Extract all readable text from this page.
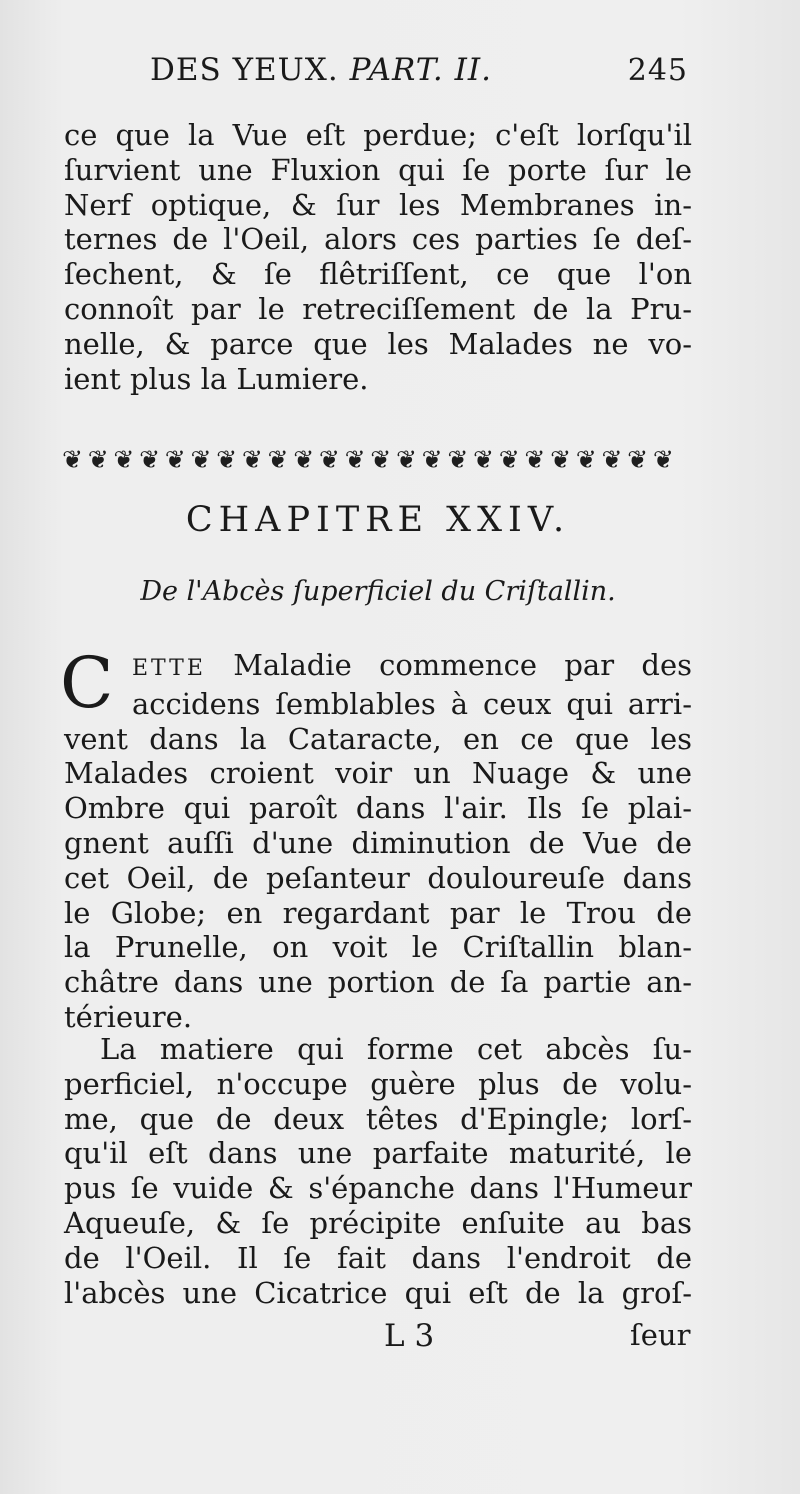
DES YEUX. PART. II.	245
ce que la Vue eſt perdue; c'eſt lorſqu'il
ſurvient une Fluxion qui ſe porte ſur le
Nerf optique, & ſur les Membranes in-
ternes de l'Oeil, alors ces parties ſe deſ-
ſechent, & ſe flêtriſſent, ce que l'on
connoît par le retreciſſement de la Pru-
nelle, & parce que les Malades ne vo-
ient plus la Lumiere.
❦ ❦ ❦ ❦ ❦ ❦ ❦ ❦ ❦ ❦ ❦ ❦ ❦ ❦ ❦ ❦ ❦ ❦ ❦ ❦ ❦ ❦ ❦ ❦
CHAPITRE XXIV.
De l'Abcès ſuperficiel du Criſtallin.
C ETTE Maladie commence par des
accidens ſemblables à ceux qui arri-
vent dans la Cataracte, en ce que les
Malades croient voir un Nuage & une
Ombre qui paroît dans l'air. Ils ſe plai-
gnent auſſi d'une diminution de Vue de
cet Oeil, de peſanteur douloureuſe dans
le Globe; en regardant par le Trou de
la Prunelle, on voit le Criſtallin blan-
châtre dans une portion de ſa partie an-
térieure.
La matiere qui forme cet abcès ſu-
perficiel, n'occupe guère plus de volu-
me, que de deux têtes d'Epingle; lorſ-
qu'il eſt dans une parfaite maturité, le
pus ſe vuide & s'épanche dans l'Humeur
Aqueuſe, & ſe précipite enſuite au bas
de l'Oeil. Il ſe fait dans l'endroit de
l'abcès une Cicatrice qui eſt de la groſ-
L 3	ſeur
